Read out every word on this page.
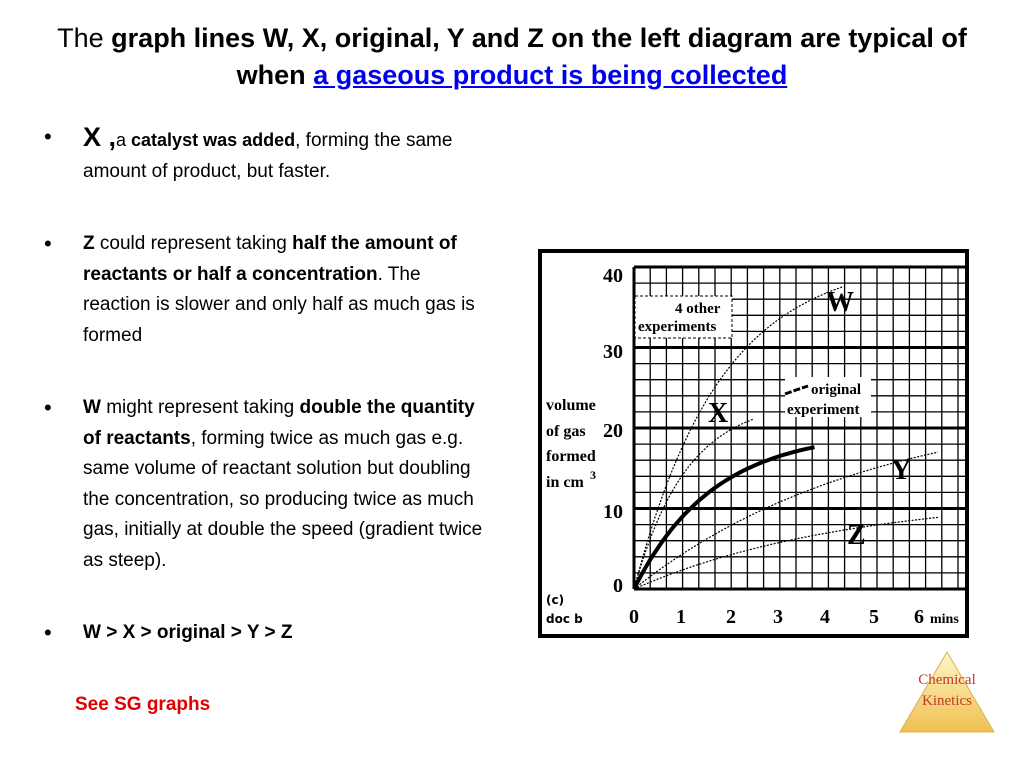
The graph lines W, X, original, Y and Z on the left diagram are typical of when a gaseous product is being collected
• X ,a catalyst was added, forming the same amount of product, but faster.
• Z could represent taking half the amount of reactants or half a concentration. The reaction is slower and only half as much gas is formed
• W might represent taking double the quantity of reactants, forming twice as much gas e.g. same volume of reactant solution but doubling the concentration, so producing twice as much gas, initially at double the speed (gradient twice as steep).
• W > X > original > Y > Z
See SG graphs
40
30
20
10
0
0 1 2 3 4 5 6 mins
volume
of gas
formed
in cm 3
(c)
doc b
4 other
experiments
original
experiment
W
X
Y
Z
Chemical
Kinetics
